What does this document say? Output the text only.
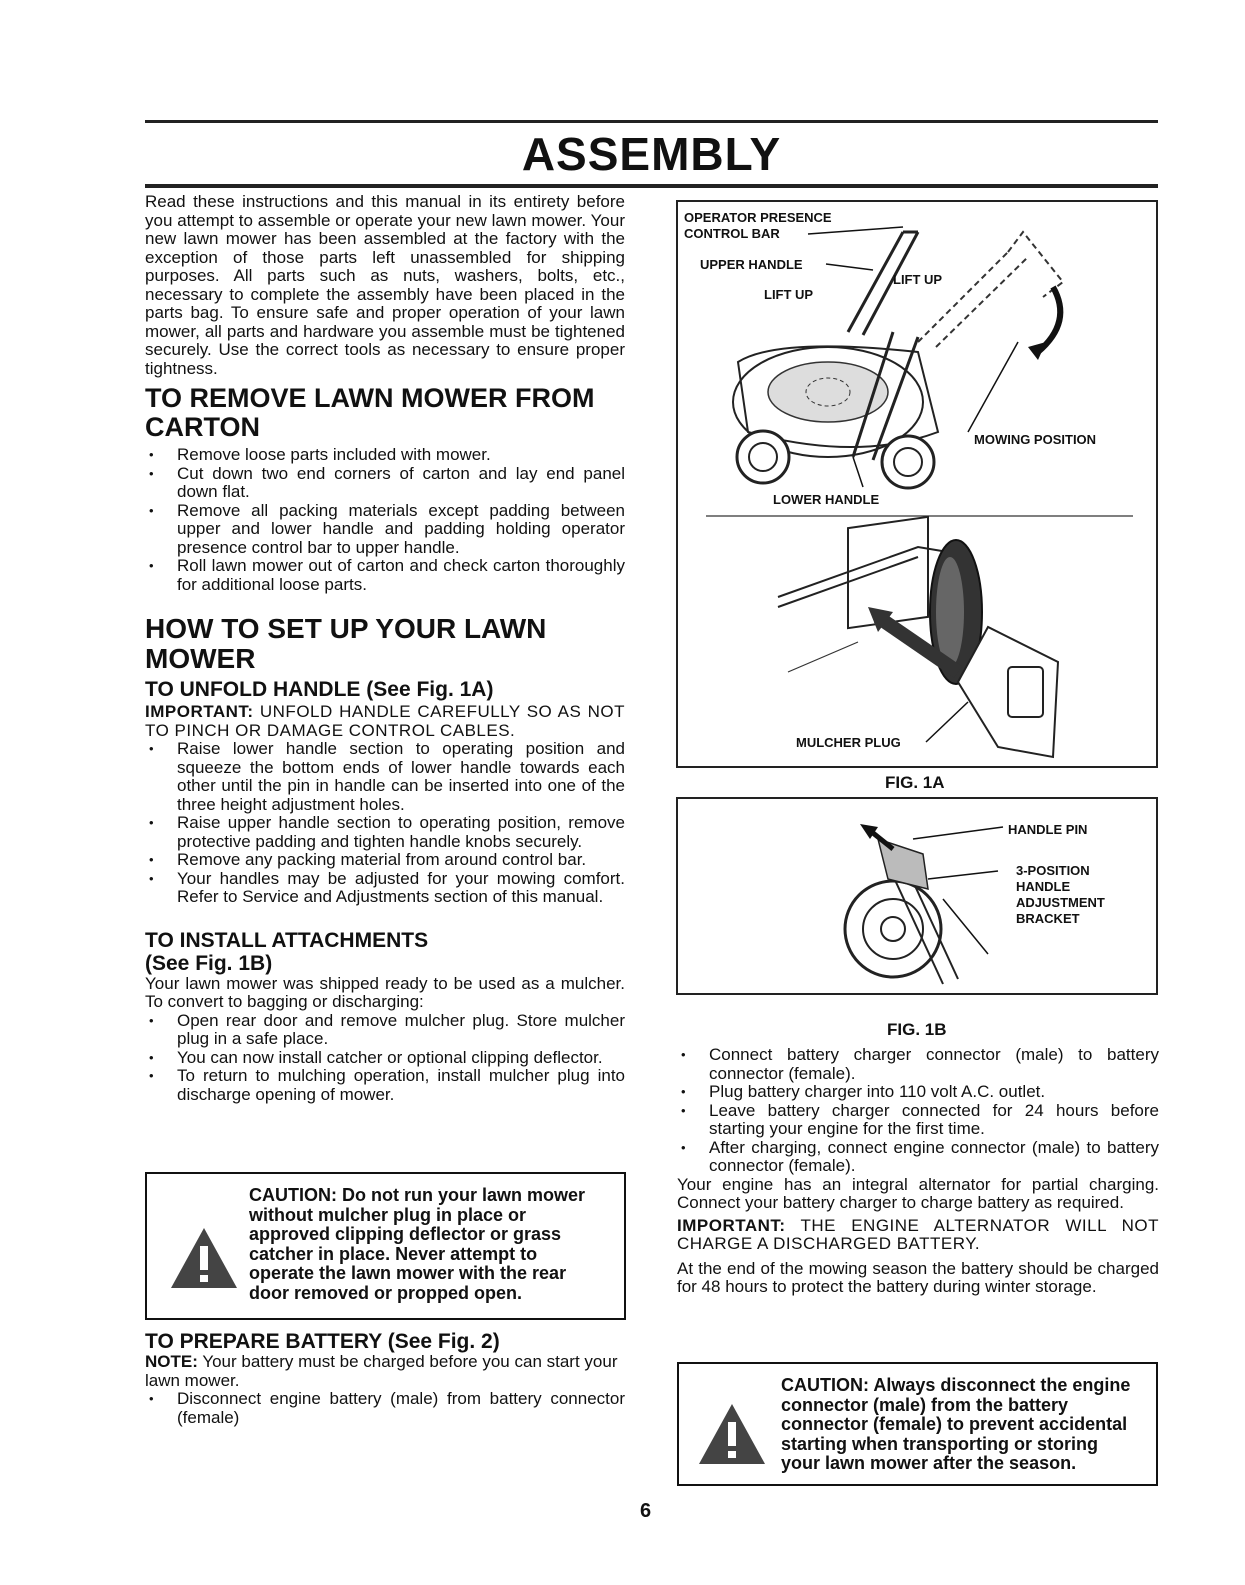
ASSEMBLY

Read these instructions and this manual in its entirety before you attempt to assemble or operate your new lawn mower. Your new lawn mower has been assembled at the factory with the exception of those parts left unassembled for shipping purposes. All parts such as nuts, washers, bolts, etc., necessary to complete the assembly have been placed in the parts bag. To ensure safe and proper operation of your lawn mower, all parts and hardware you assemble must be tightened securely. Use the correct tools as necessary to ensure proper tightness.

TO REMOVE LAWN MOWER FROM CARTON
• Remove loose parts included with mower.
• Cut down two end corners of carton and lay end panel down flat.
• Remove all packing materials except padding between upper and lower handle and padding holding operator presence control bar to upper handle.
• Roll lawn mower out of carton and check carton thoroughly for additional loose parts.
HOW TO SET UP YOUR LAWN MOWER
TO UNFOLD HANDLE (See Fig. 1A)

IMPORTANT: UNFOLD HANDLE CAREFULLY SO AS NOT TO PINCH OR DAMAGE CONTROL CABLES.

• Raise lower handle section to operating position and squeeze the bottom ends of lower handle towards each other until the pin in handle can be inserted into one of the three height adjustment holes.
• Raise upper handle section to operating position, remove protective padding and tighten handle knobs securely.
• Remove any packing material from around control bar.
• Your handles may be adjusted for your mowing comfort. Refer to Service and Adjustments section of this manual.
TO INSTALL ATTACHMENTS
(See Fig. 1B)

Your lawn mower was shipped ready to be used as a mulcher. To convert to bagging or discharging:

• Open rear door and remove mulcher plug. Store mulcher plug in a safe place.
• You can now install catcher or optional clipping deflector.
• To return to mulching operation, install mulcher plug into discharge opening of mower.
CAUTION: Do not run your lawn mower without mulcher plug in place or approved clipping deflector or grass catcher in place. Never attempt to operate the lawn mower with the rear door removed or propped open.
TO PREPARE BATTERY (See Fig. 2)

NOTE: Your battery must be charged before you can start your lawn mower.

• Disconnect engine battery (male) from battery connector (female)
OPERATOR PRESENCE
CONTROL BAR
UPPER HANDLE
LIFT UP
LIFT UP
MOWING POSITION
LOWER HANDLE
MULCHER PLUG
FIG. 1A
HANDLE PIN
3-POSITION
HANDLE
ADJUSTMENT
BRACKET
FIG. 1B
• Connect battery charger connector (male) to battery connector (female).
• Plug battery charger into 110 volt A.C. outlet.
• Leave battery charger connected for 24 hours before starting your engine for the first time.
• After charging, connect engine connector (male) to battery connector (female).

Your engine has an integral alternator for partial charging. Connect your battery charger to charge battery as required.

IMPORTANT: THE ENGINE ALTERNATOR WILL NOT CHARGE A DISCHARGED BATTERY.

At the end of the mowing season the battery should be charged for 48 hours to protect the battery during winter storage.

CAUTION: Always disconnect the engine connector (male) from the battery connector (female) to prevent accidental starting when transporting or storing your lawn mower after the season.
6
